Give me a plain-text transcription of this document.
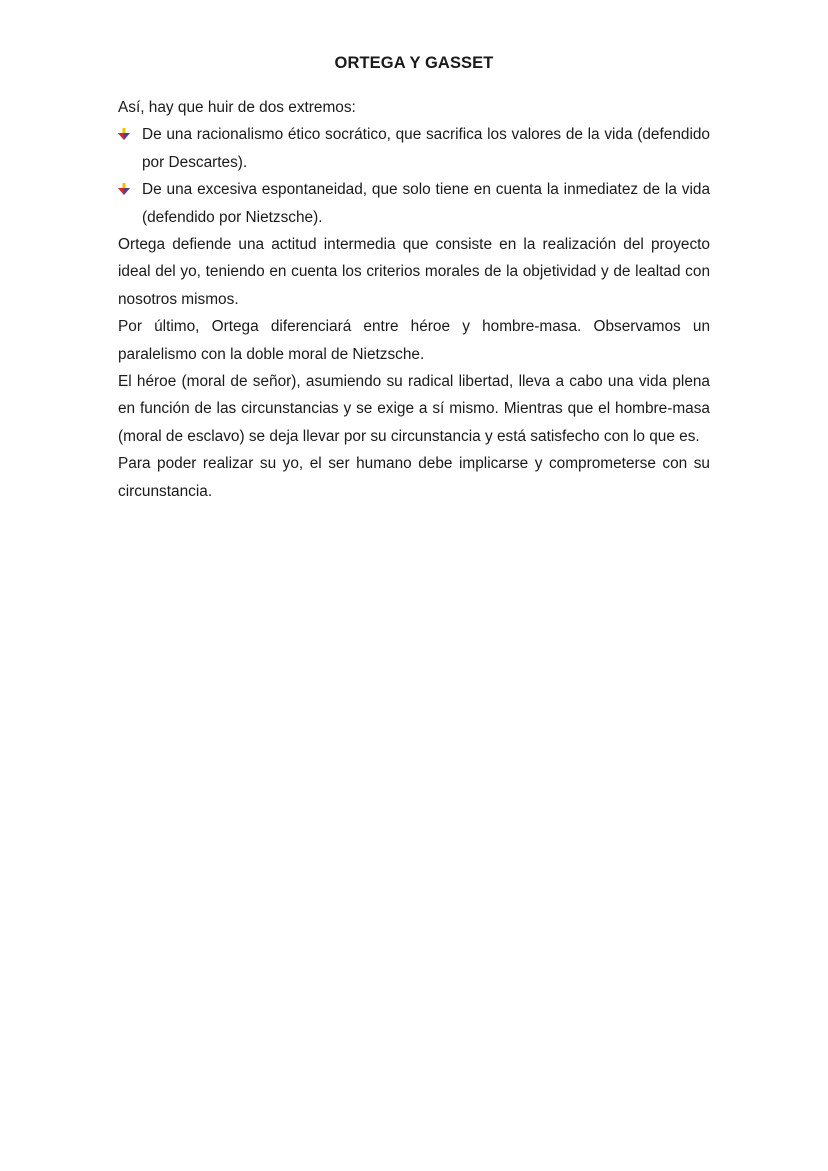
ORTEGA Y GASSET

Así, hay que huir de dos extremos:

De una racionalismo ético socrático, que sacrifica los valores de la vida (defendido por Descartes).
De una excesiva espontaneidad, que solo tiene en cuenta la inmediatez de la vida (defendido por Nietzsche).

Ortega defiende una actitud intermedia que consiste en la realización del proyecto ideal del yo, teniendo en cuenta los criterios morales de la objetividad y de lealtad con nosotros mismos.

Por último, Ortega diferenciará entre héroe y hombre-masa. Observamos un paralelismo con la doble moral de Nietzsche.

El héroe (moral de señor), asumiendo su radical libertad, lleva a cabo una vida plena en función de las circunstancias y se exige a sí mismo. Mientras que el hombre-masa (moral de esclavo) se deja llevar por su circunstancia y está satisfecho con lo que es.

Para poder realizar su yo, el ser humano debe implicarse y comprometerse con su circunstancia.
